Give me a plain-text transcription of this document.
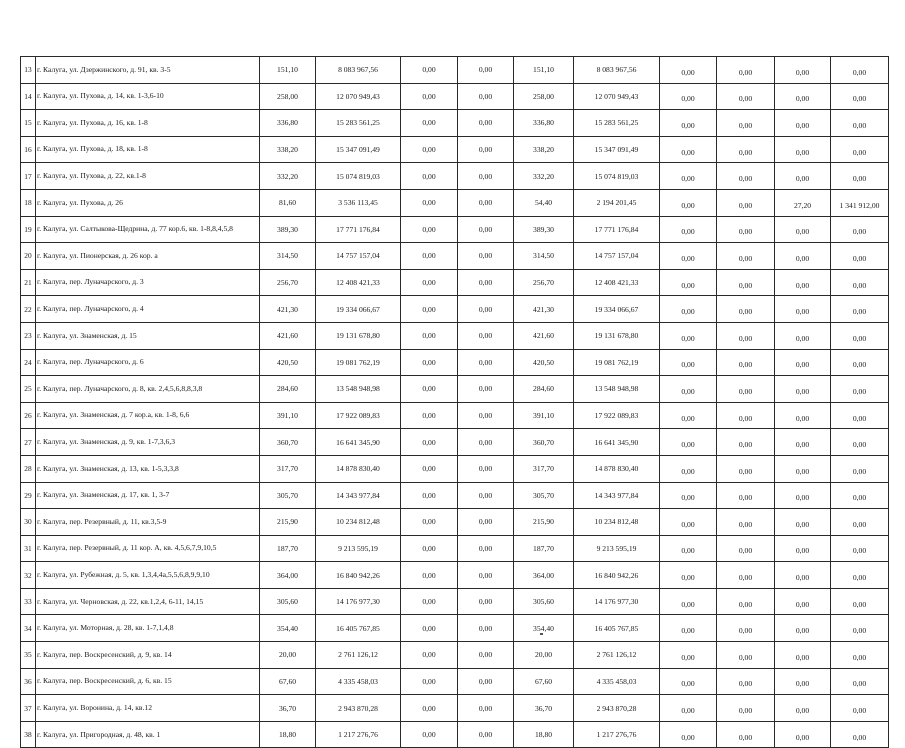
13	г. Калуга, ул. Дзержинского, д. 91, кв. 3-5	151,10	8 083 967,56	0,00	0,00	151,10	8 083 967,56	0,00	0,00	0,00	0,00
14	г. Калуга, ул. Пухова, д. 14, кв. 1-3,6-10	258,00	12 070 949,43	0,00	0,00	258,00	12 070 949,43	0,00	0,00	0,00	0,00
15	г. Калуга, ул. Пухова, д. 16, кв. 1-8	336,80	15 283 561,25	0,00	0,00	336,80	15 283 561,25	0,00	0,00	0,00	0,00
16	г. Калуга, ул. Пухова, д. 18, кв. 1-8	338,20	15 347 091,49	0,00	0,00	338,20	15 347 091,49	0,00	0,00	0,00	0,00
17	г. Калуга, ул. Пухова, д. 22, кв.1-8	332,20	15 074 819,03	0,00	0,00	332,20	15 074 819,03	0,00	0,00	0,00	0,00
18	г. Калуга, ул. Пухова, д. 26	81,60	3 536 113,45	0,00	0,00	54,40	2 194 201,45	0,00	0,00	27,20	1 341 912,00
19	г. Калуга, ул. Салтыкова-Щедрина, д. 77 кор.6, кв. 1-8,8,4,5,8	389,30	17 771 176,84	0,00	0,00	389,30	17 771 176,84	0,00	0,00	0,00	0,00
20	г. Калуга, ул. Пионерская, д. 26 кор. а	314,50	14 757 157,04	0,00	0,00	314,50	14 757 157,04	0,00	0,00	0,00	0,00
21	г. Калуга, пер. Луначарского, д. 3	256,70	12 408 421,33	0,00	0,00	256,70	12 408 421,33	0,00	0,00	0,00	0,00
22	г. Калуга, пер. Луначарского, д. 4	421,30	19 334 066,67	0,00	0,00	421,30	19 334 066,67	0,00	0,00	0,00	0,00
23	г. Калуга, ул. Знаменская, д. 15	421,60	19 131 678,80	0,00	0,00	421,60	19 131 678,80	0,00	0,00	0,00	0,00
24	г. Калуга, пер. Луначарского, д. 6	420,50	19 081 762,19	0,00	0,00	420,50	19 081 762,19	0,00	0,00	0,00	0,00
25	г. Калуга, пер. Луначарского, д. 8, кв. 2,4,5,6,8,8,3,8	284,60	13 548 948,98	0,00	0,00	284,60	13 548 948,98	0,00	0,00	0,00	0,00
26	г. Калуга, ул. Знаменская, д. 7 кор.а, кв. 1-8, 6,6	391,10	17 922 089,83	0,00	0,00	391,10	17 922 089,83	0,00	0,00	0,00	0,00
27	г. Калуга, ул. Знаменская, д. 9, кв. 1-7,3,6,3	360,70	16 641 345,90	0,00	0,00	360,70	16 641 345,90	0,00	0,00	0,00	0,00
28	г. Калуга, ул. Знаменская, д. 13, кв. 1-5,3,3,8	317,70	14 878 830,40	0,00	0,00	317,70	14 878 830,40	0,00	0,00	0,00	0,00
29	г. Калуга, ул. Знаменская, д. 17, кв. 1, 3-7	305,70	14 343 977,84	0,00	0,00	305,70	14 343 977,84	0,00	0,00	0,00	0,00
30	г. Калуга, пер. Резервный, д. 11, кв.3,5-9	215,90	10 234 812,48	0,00	0,00	215,90	10 234 812,48	0,00	0,00	0,00	0,00
31	г. Калуга, пер. Резервный, д. 11 кор. А, кв. 4,5,6,7,9,10,5	187,70	9 213 595,19	0,00	0,00	187,70	9 213 595,19	0,00	0,00	0,00	0,00
32	г. Калуга, ул. Рубежная, д. 5, кв. 1,3,4,4а,5,5,6,8,9,9,10	364,00	16 840 942,26	0,00	0,00	364,00	16 840 942,26	0,00	0,00	0,00	0,00
33	г. Калуга, ул. Черновская, д. 22, кв.1,2,4, 6-11, 14,15	305,60	14 176 977,30	0,00	0,00	305,60	14 176 977,30	0,00	0,00	0,00	0,00
34	г. Калуга, ул. Моторная, д. 28, кв. 1-7,1,4,8	354,40	16 405 767,85	0,00	0,00	354,40	16 405 767,85	0,00	0,00	0,00	0,00
35	г. Калуга, пер. Воскресенский, д. 9, кв. 14	20,00	2 761 126,12	0,00	0,00	20,00	2 761 126,12	0,00	0,00	0,00	0,00
36	г. Калуга, пер. Воскресенский, д. 6, кв. 15	67,60	4 335 458,03	0,00	0,00	67,60	4 335 458,03	0,00	0,00	0,00	0,00
37	г. Калуга, ул. Воронина, д. 14, кв.12	36,70	2 943 870,28	0,00	0,00	36,70	2 943 870,28	0,00	0,00	0,00	0,00
38	г. Калуга, ул. Пригородная, д. 48, кв. 1	18,80	1 217 276,76	0,00	0,00	18,80	1 217 276,76	0,00	0,00	0,00	0,00
